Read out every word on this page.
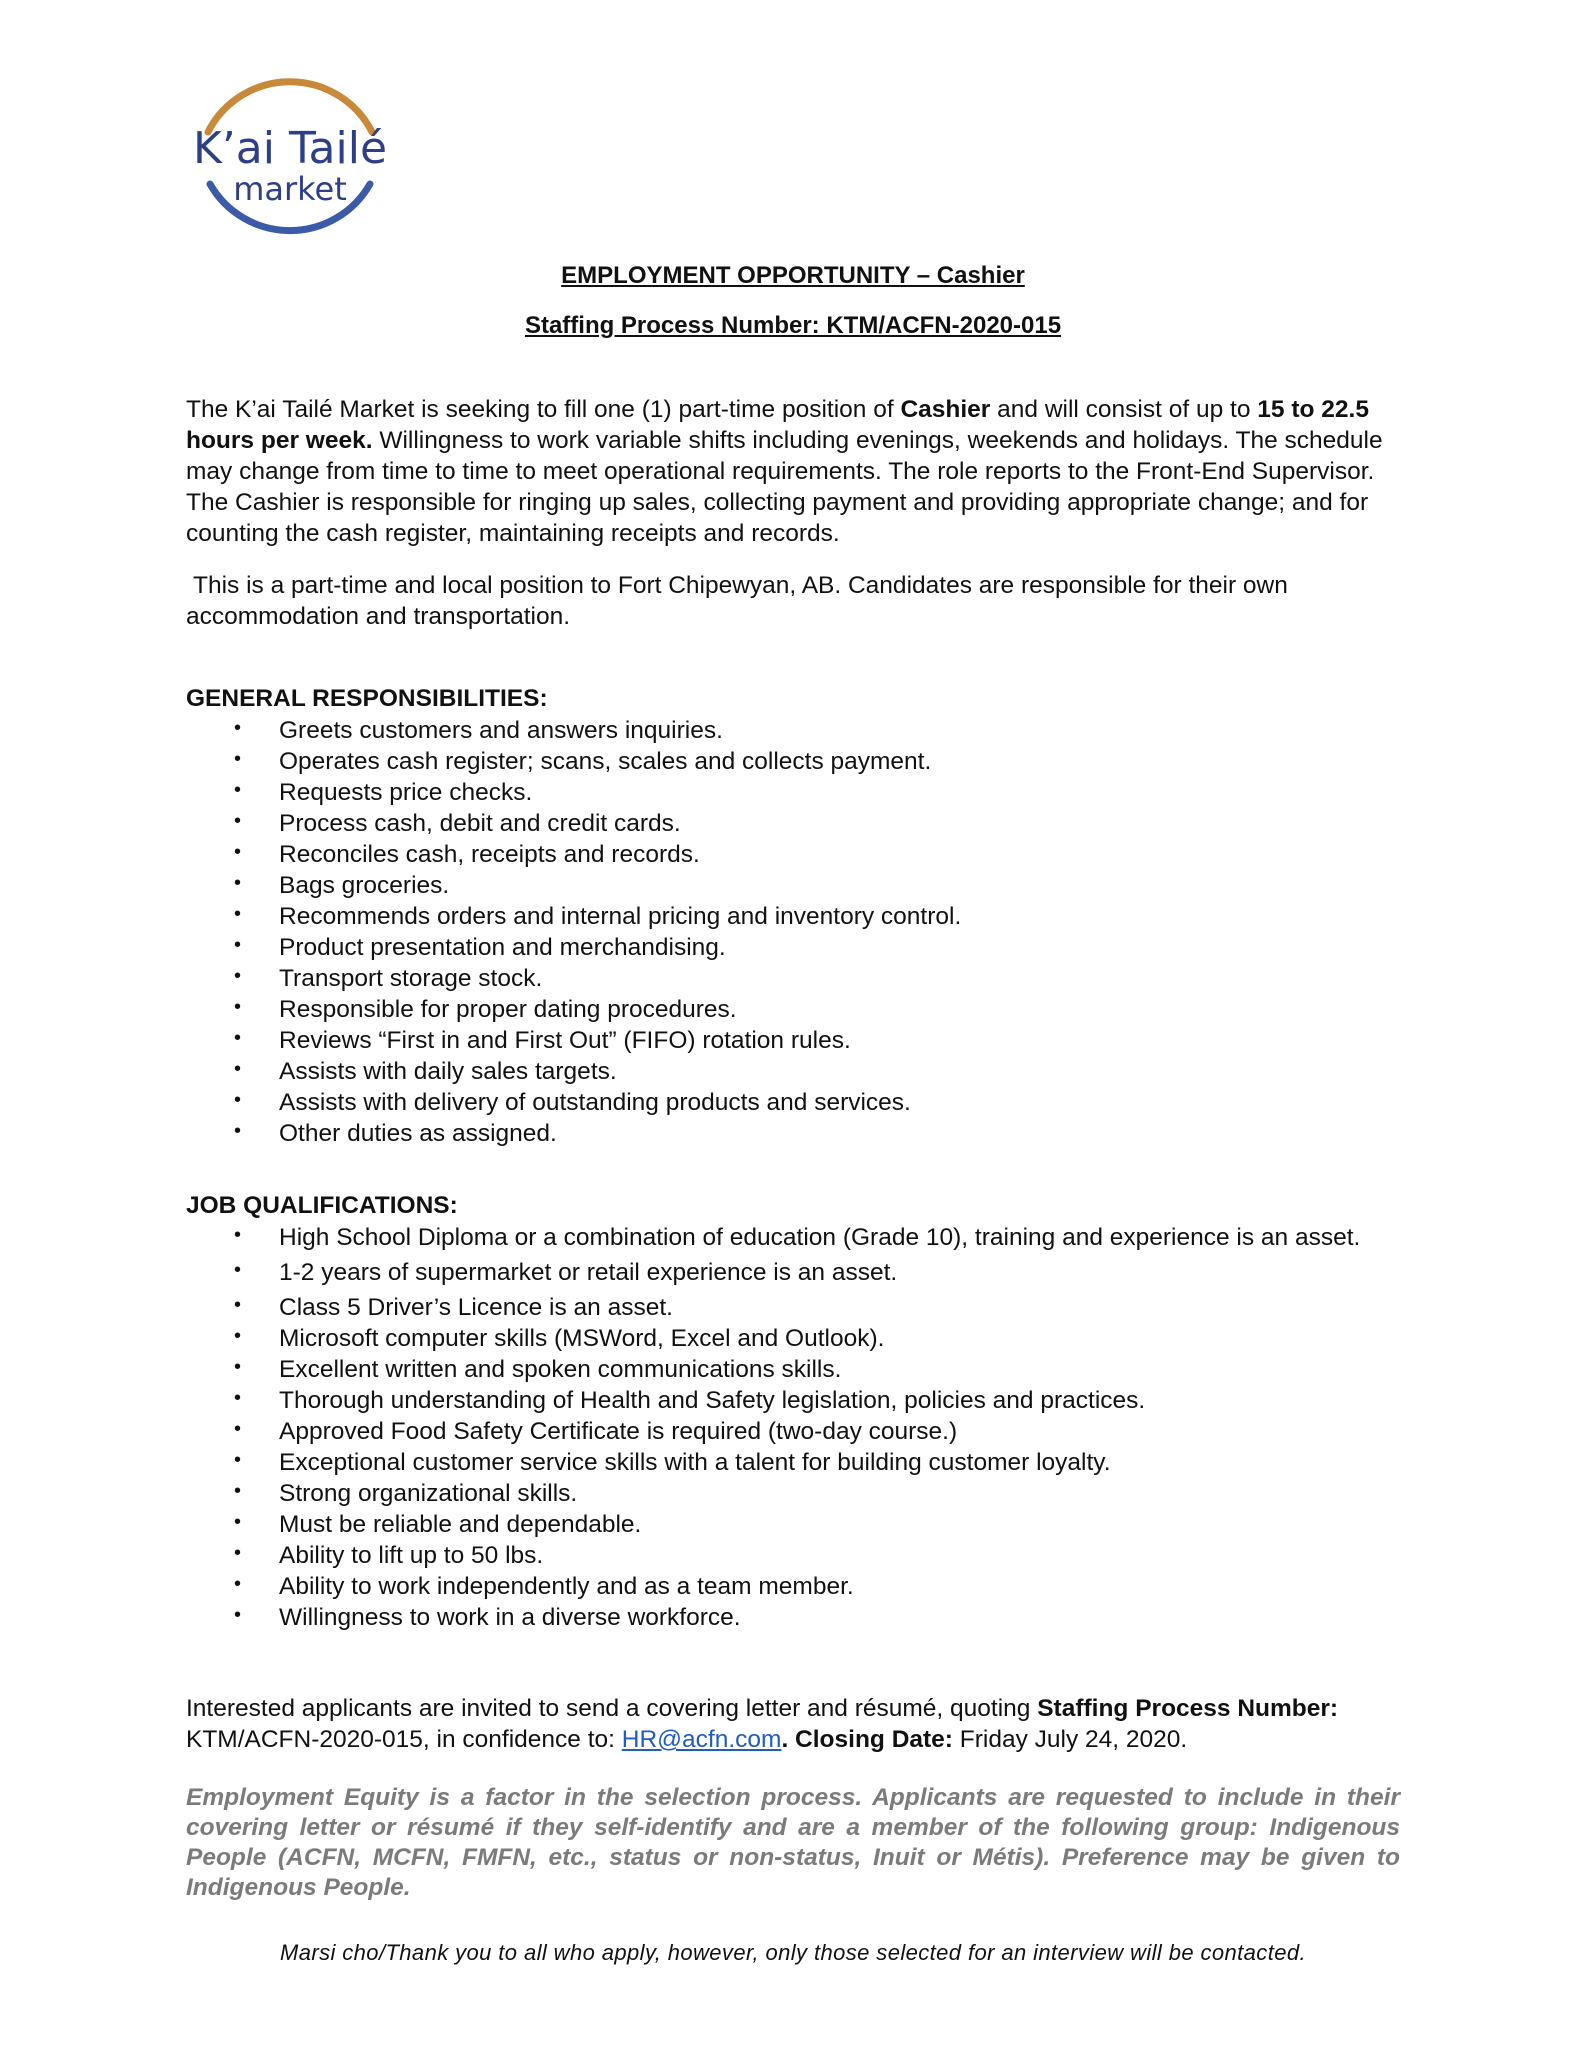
K’ai Tailé
market
EMPLOYMENT OPPORTUNITY – Cashier
Staffing Process Number: KTM/ACFN-2020-015
The K’ai Tailé Market is seeking to fill one (1) part-time position of Cashier and will consist of up to 15 to 22.5 hours per week. Willingness to work variable shifts including evenings, weekends and holidays. The schedule may change from time to time to meet operational requirements. The role reports to the Front-End Supervisor. The Cashier is responsible for ringing up sales, collecting payment and providing appropriate change; and for counting the cash register, maintaining receipts and records.
This is a part-time and local position to Fort Chipewyan, AB. Candidates are responsible for their own accommodation and transportation.
GENERAL RESPONSIBILITIES:
• Greets customers and answers inquiries.
• Operates cash register; scans, scales and collects payment.
• Requests price checks.
• Process cash, debit and credit cards.
• Reconciles cash, receipts and records.
• Bags groceries.
• Recommends orders and internal pricing and inventory control.
• Product presentation and merchandising.
• Transport storage stock.
• Responsible for proper dating procedures.
• Reviews “First in and First Out” (FIFO) rotation rules.
• Assists with daily sales targets.
• Assists with delivery of outstanding products and services.
• Other duties as assigned.
JOB QUALIFICATIONS:
• High School Diploma or a combination of education (Grade 10), training and experience is an asset.
• 1-2 years of supermarket or retail experience is an asset.
• Class 5 Driver’s Licence is an asset.
• Microsoft computer skills (MSWord, Excel and Outlook).
• Excellent written and spoken communications skills.
• Thorough understanding of Health and Safety legislation, policies and practices.
• Approved Food Safety Certificate is required (two-day course.)
• Exceptional customer service skills with a talent for building customer loyalty.
• Strong organizational skills.
• Must be reliable and dependable.
• Ability to lift up to 50 lbs.
• Ability to work independently and as a team member.
• Willingness to work in a diverse workforce.
Interested applicants are invited to send a covering letter and résumé, quoting Staffing Process Number: KTM/ACFN-2020-015, in confidence to: HR@acfn.com. Closing Date: Friday July 24, 2020.
Employment Equity is a factor in the selection process. Applicants are requested to include in their covering letter or résumé if they self-identify and are a member of the following group: Indigenous People (ACFN, MCFN, FMFN, etc., status or non-status, Inuit or Métis). Preference may be given to Indigenous People.
Marsi cho/Thank you to all who apply, however, only those selected for an interview will be contacted.
